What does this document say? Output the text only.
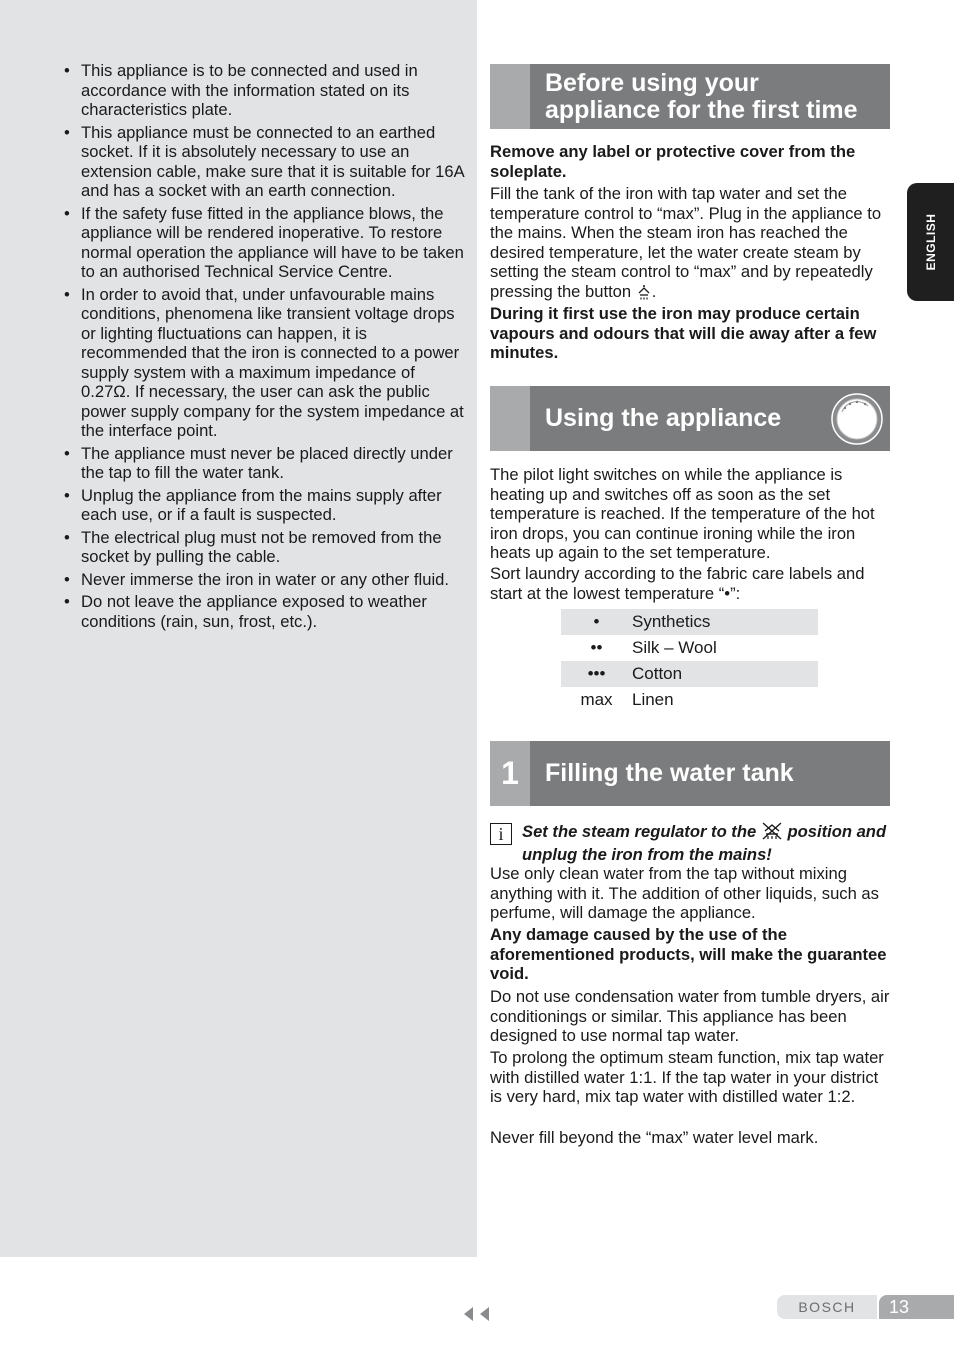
• This appliance is to be connected and used in accordance with the information stated on its characteristics plate.
• This appliance must be connected to an earthed socket. If it is absolutely necessary to use an extension cable, make sure that it is suitable for 16A and has a socket with an earth connection.
• If the safety fuse fitted in the appliance blows, the appliance will be rendered inoperative. To restore normal operation the appliance will have to be taken to an authorised Technical Service Centre.
• In order to avoid that, under unfavourable mains conditions, phenomena like transient voltage drops or lighting fluctuations can happen, it is recommended that the iron is connected to a power supply system with a maximum impedance of 0.27Ω. If necessary, the user can ask the public power supply company for the system impedance at the interface point.
• The appliance must never be placed directly under the tap to fill the water tank.
• Unplug the appliance from the mains supply after each use, or if a fault is suspected.
• The electrical plug must not be removed from the socket by pulling the cable.
• Never immerse the iron in water or any other fluid.
• Do not leave the appliance exposed to weather conditions (rain, sun, frost, etc.).
Before using your appliance for the first time

Remove any label or protective cover from the soleplate.

Fill the tank of the iron with tap water and set the temperature control to “max”. Plug in the appliance to the mains. When the steam iron has reached the desired temperature, let the water create steam by setting the steam control to “max” and by repeatedly pressing the button .

During it first use the iron may produce certain vapours and odours that will die away after a few minutes.

Using the appliance

The pilot light switches on while the appliance is heating up and switches off as soon as the set temperature is reached. If the temperature of the hot iron drops, you can continue ironing while the iron heats up again to the set temperature.

Sort laundry according to the fabric care labels and start at the lowest temperature “•”:

•	Synthetics
••	Silk – Wool
•••	Cotton
max	Linen
1	Filling the water tank
i	Set the steam regulator to the position and unplug the iron from the mains!

Use only clean water from the tap without mixing anything with it. The addition of other liquids, such as perfume, will damage the appliance.

Any damage caused by the use of the aforementioned products, will make the guarantee void.

Do not use condensation water from tumble dryers, air conditionings or similar. This appliance has been designed to use normal tap water.

To prolong the optimum steam function, mix tap water with distilled water 1:1. If the tap water in your district is very hard, mix tap water with distilled water 1:2.

Never fill beyond the “max” water level mark.

ENGLISH
BOSCH	13
